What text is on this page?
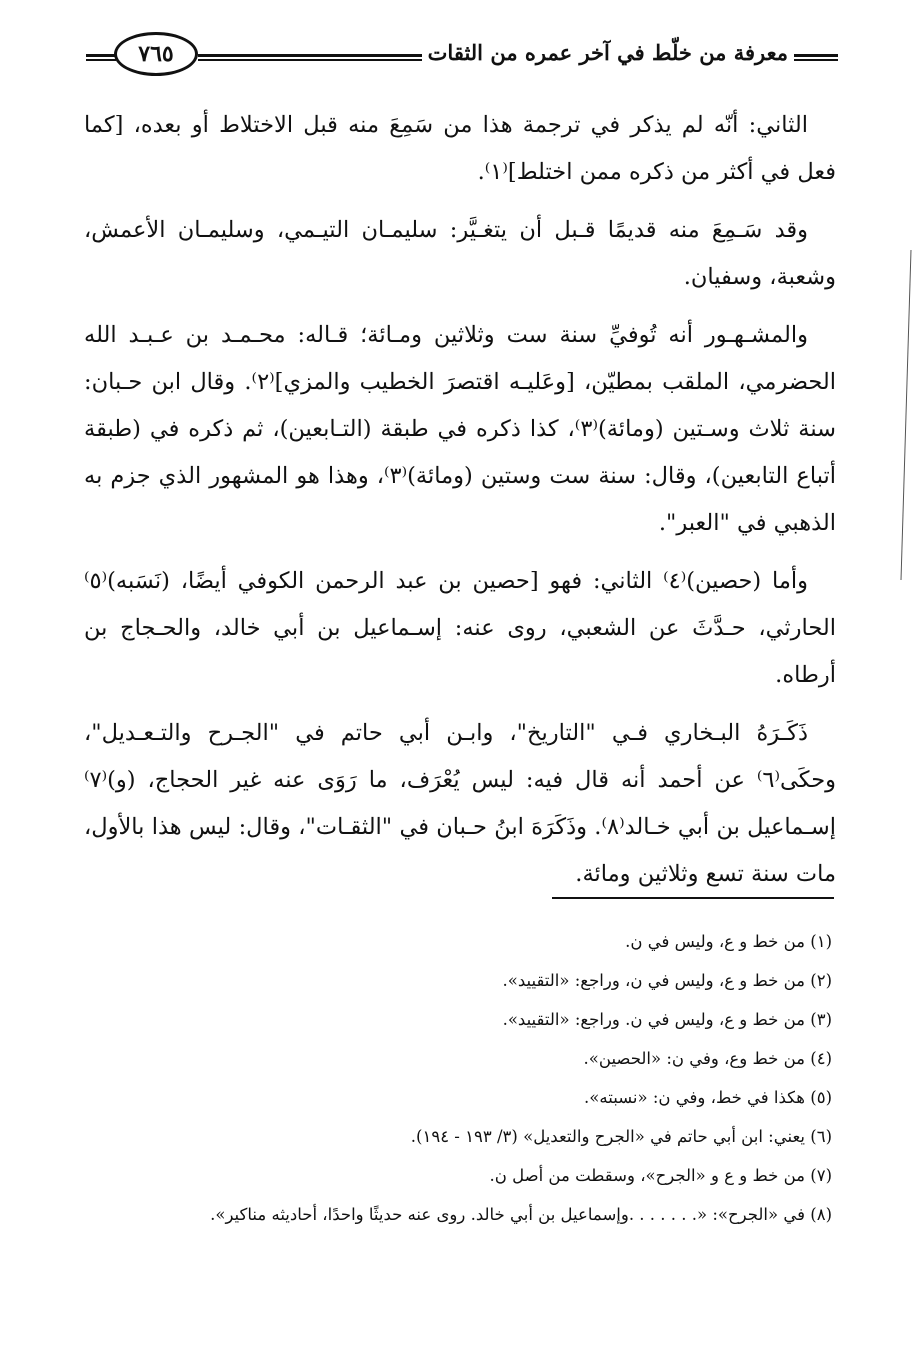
٧٦٥	معرفة من خلّط في آخر عمره من الثقات

الثاني: أنّه لم يذكر في ترجمة هذا من سَمِعَ منه قبل الاختلاط أو بعده، [كما فعل في أكثر من ذكره ممن اختلط]⁽١⁾.

وقد سَـمِعَ منه قديمًا قـبل أن يتغـيَّر: سليمـان التيـمي، وسليمـان الأعمش، وشعبة، وسفيان.

والمشـهـور أنه تُوفيِّ سنة ست وثلاثين ومـائة؛ قـاله: محـمـد بن عـبـد الله الحضرمي، الملقب بمطيّن، [وعَليـه اقتصرَ الخطيب والمزي]⁽٢⁾. وقال ابن حـبان: سنة ثلاث وسـتين (ومائة)⁽٣⁾، كذا ذكره في طبقة (التـابعين)، ثم ذكره في (طبقة أتباع التابعين)، وقال: سنة ست وستين (ومائة)⁽٣⁾، وهذا هو المشهور الذي جزم به الذهبي في "العبر".

وأما (حصين)⁽٤⁾ الثاني: فهو [حصين بن عبد الرحمن الكوفي أيضًا، (نَسَبه)⁽٥⁾ الحارثي، حـدَّثَ عن الشعبي، روى عنه: إسـماعيل بن أبي خالد، والحـجاج بن أرطاه.

ذَكَـرَهُ البـخاري فـي "التاريخ"، وابـن أبي حاتم في "الجـرح والتـعـديل"، وحكَى⁽٦⁾ عن أحمد أنه قال فيه: ليس يُعْرَف، ما رَوَى عنه غير الحجاج، (و)⁽٧⁾ إسـماعيل بن أبي خـالد⁽٨⁾. وذَكَرَهَ ابنُ حـبان في "الثقـات"، وقال: ليس هذا بالأول، مات سنة تسع وثلاثين ومائة.

(١) من خط و ع، وليس في ن.

(٢) من خط و ع، وليس في ن، وراجع: «التقييد».

(٣) من خط و ع، وليس في ن. وراجع: «التقييد».

(٤) من خط وع، وفي ن: «الحصين».

(٥) هكذا في خط، وفي ن: «نسبته».

(٦) يعني: ابن أبي حاتم في «الجرح والتعديل» (٣/ ١٩٣ - ١٩٤).

(٧) من خط و ع و «الجرح»، وسقطت من أصل ن.

(٨) في «الجرح»: «. . . . . . .وإسماعيل بن أبي خالد. روى عنه حديثًا واحدًا، أحاديثه مناكير».
